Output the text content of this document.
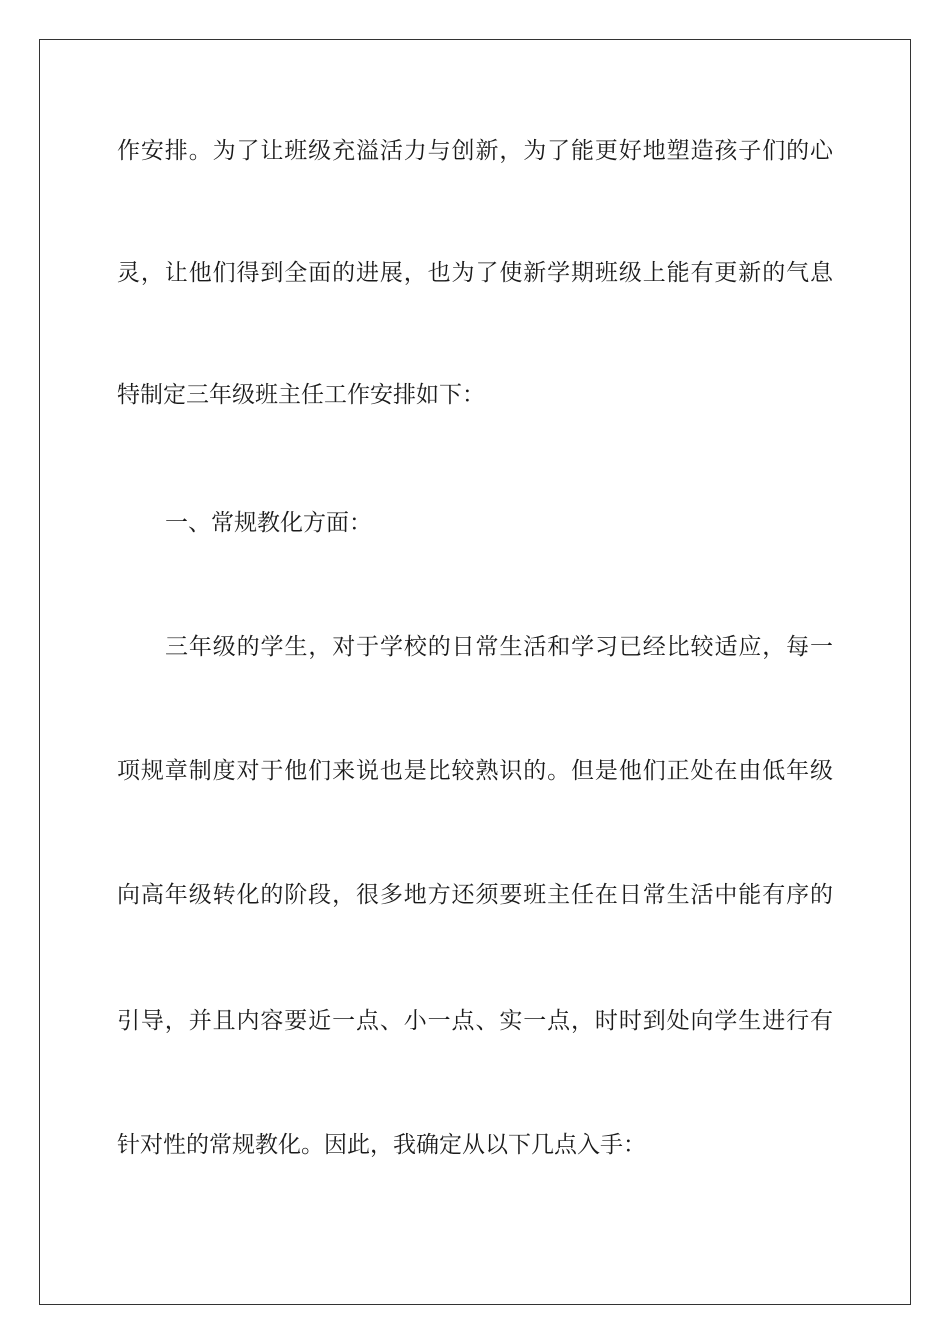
作安排。为了让班级充溢活力与创新，为了能更好地塑造孩子们的心
灵，让他们得到全面的进展，也为了使新学期班级上能有更新的气息
特制定三年级班主任工作安排如下：
一、常规教化方面：
三年级的学生，对于学校的日常生活和学习已经比较适应，每一
项规章制度对于他们来说也是比较熟识的。但是他们正处在由低年级
向高年级转化的阶段，很多地方还须要班主任在日常生活中能有序的
引导，并且内容要近一点、小一点、实一点，时时到处向学生进行有
针对性的常规教化。因此，我确定从以下几点入手：
